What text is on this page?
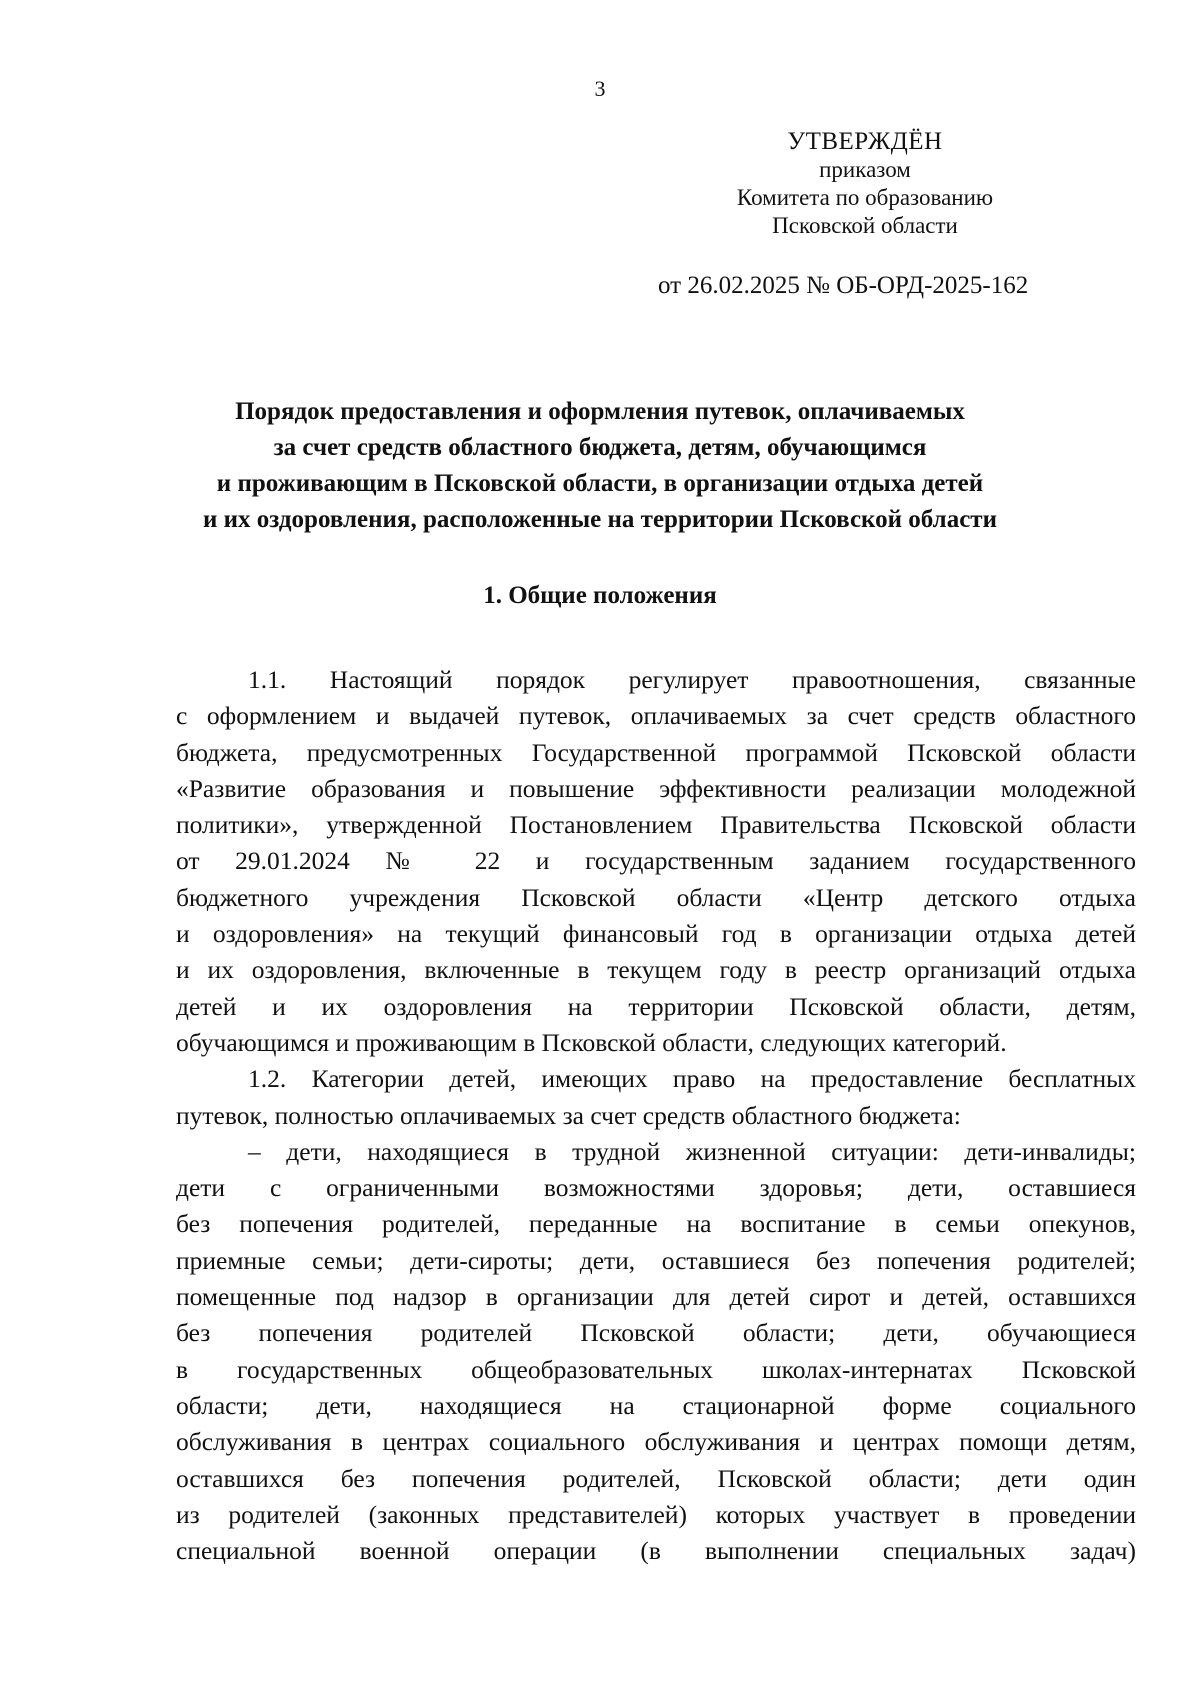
3
УТВЕРЖДЁН
приказом
Комитета по образованию
Псковской области
от 26.02.2025 № ОБ-ОРД-2025-162
Порядок предоставления и оформления путевок, оплачиваемых
за счет средств областного бюджета, детям, обучающимся
и проживающим в Псковской области, в организации отдыха детей
и их оздоровления, расположенные на территории Псковской области
1. Общие положения
1.1. Настоящий порядок регулирует правоотношения, связанные
с оформлением и выдачей путевок, оплачиваемых за счет средств областного
бюджета, предусмотренных Государственной программой Псковской области
«Развитие образования и повышение эффективности реализации молодежной
политики», утвержденной Постановлением Правительства Псковской области
от 29.01.2024 № 22 и государственным заданием государственного
бюджетного учреждения Псковской области «Центр детского отдыха
и оздоровления» на текущий финансовый год в организации отдыха детей
и их оздоровления, включенные в текущем году в реестр организаций отдыха
детей и их оздоровления на территории Псковской области, детям,
обучающимся и проживающим в Псковской области, следующих категорий.
1.2. Категории детей, имеющих право на предоставление бесплатных
путевок, полностью оплачиваемых за счет средств областного бюджета:
– дети, находящиеся в трудной жизненной ситуации: дети-инвалиды;
дети с ограниченными возможностями здоровья; дети, оставшиеся
без попечения родителей, переданные на воспитание в семьи опекунов,
приемные семьи; дети-сироты; дети, оставшиеся без попечения родителей;
помещенные под надзор в организации для детей сирот и детей, оставшихся
без попечения родителей Псковской области; дети, обучающиеся
в государственных общеобразовательных школах-интернатах Псковской
области; дети, находящиеся на стационарной форме социального
обслуживания в центрах социального обслуживания и центрах помощи детям,
оставшихся без попечения родителей, Псковской области; дети один
из родителей (законных представителей) которых участвует в проведении
специальной военной операции (в выполнении специальных задач)
